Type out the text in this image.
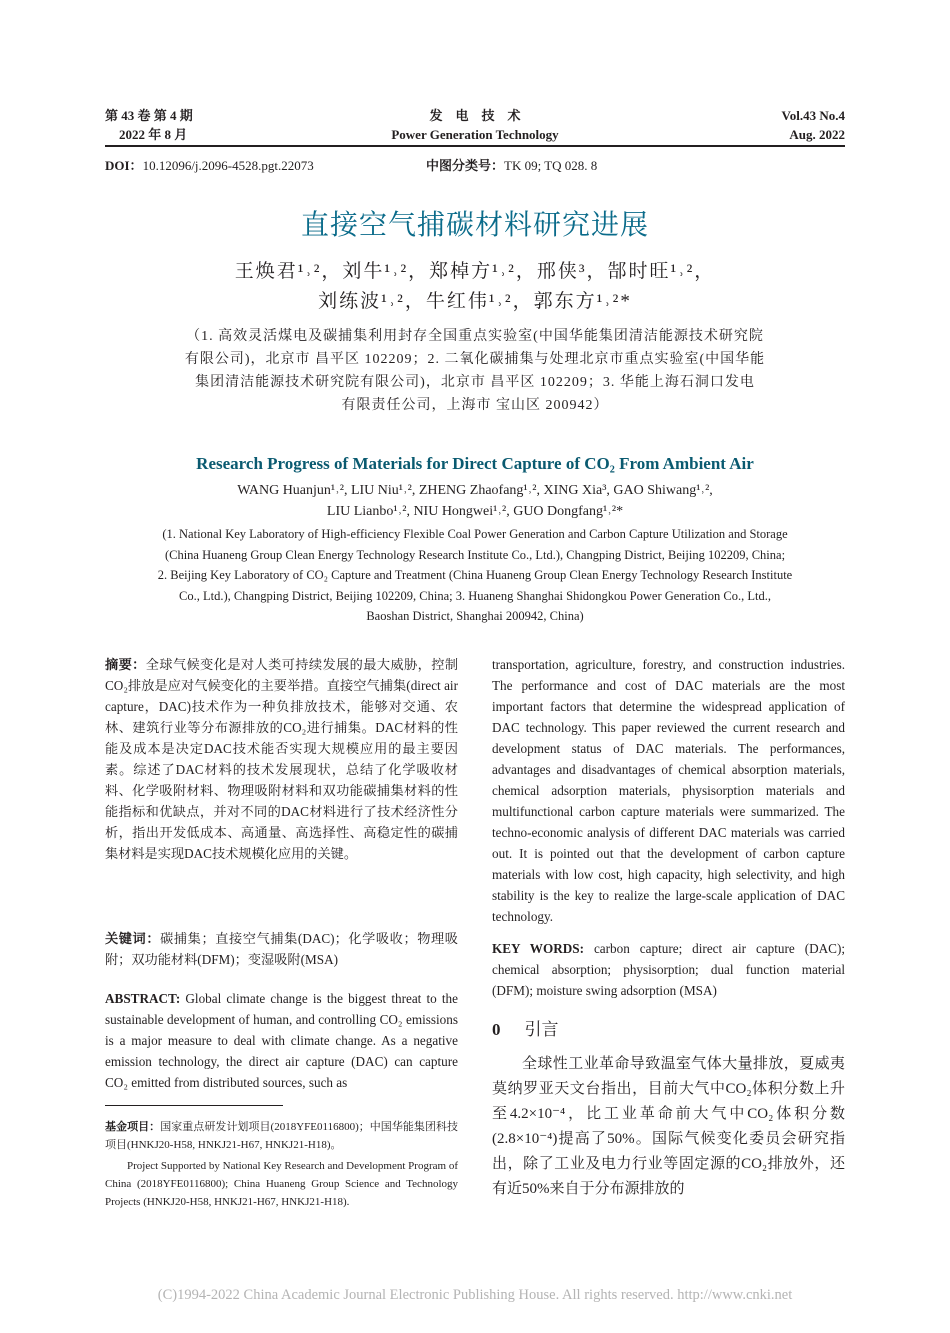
第 43 卷 第 4 期
2022 年 8 月
发　电　技　术
Power Generation Technology
Vol.43 No.4
Aug. 2022
DOI：10.12096/j.2096-4528.pgt.22073	中图分类号：TK 09; TQ 028. 8
直接空气捕碳材料研究进展
王焕君¹˒²，刘牛¹˒²，郑棹方¹˒²，邢侠³，郜时旺¹˒²，
刘练波¹˒²，牛红伟¹˒²，郭东方¹˒²*
（1. 高效灵活煤电及碳捕集利用封存全国重点实验室(中国华能集团清洁能源技术研究院
有限公司)，北京市 昌平区 102209；2. 二氧化碳捕集与处理北京市重点实验室(中国华能
集团清洁能源技术研究院有限公司)，北京市 昌平区 102209；3. 华能上海石洞口发电
有限责任公司，上海市 宝山区 200942）
Research Progress of Materials for Direct Capture of CO₂ From Ambient Air
WANG Huanjun¹˒², LIU Niu¹˒², ZHENG Zhaofang¹˒², XING Xia³, GAO Shiwang¹˒²,
LIU Lianbo¹˒², NIU Hongwei¹˒², GUO Dongfang¹˒²*
(1. National Key Laboratory of High-efficiency Flexible Coal Power Generation and Carbon Capture Utilization and Storage
(China Huaneng Group Clean Energy Technology Research Institute Co., Ltd.), Changping District, Beijing 102209, China;
2. Beijing Key Laboratory of CO₂ Capture and Treatment (China Huaneng Group Clean Energy Technology Research Institute
Co., Ltd.), Changping District, Beijing 102209, China; 3. Huaneng Shanghai Shidongkou Power Generation Co., Ltd.,
Baoshan District, Shanghai 200942, China)
摘要：全球气候变化是对人类可持续发展的最大威胁，控制CO₂排放是应对气候变化的主要举措。直接空气捕集(direct air capture，DAC)技术作为一种负排放技术，能够对交通、农林、建筑行业等分布源排放的CO₂进行捕集。DAC材料的性能及成本是决定DAC技术能否实现大规模应用的最主要因素。综述了DAC材料的技术发展现状，总结了化学吸收材料、化学吸附材料、物理吸附材料和双功能碳捕集材料的性能指标和优缺点，并对不同的DAC材料进行了技术经济性分析，指出开发低成本、高通量、高选择性、高稳定性的碳捕集材料是实现DAC技术规模化应用的关键。
关键词：碳捕集；直接空气捕集(DAC)；化学吸收；物理吸附；双功能材料(DFM)；变湿吸附(MSA)
ABSTRACT: Global climate change is the biggest threat to the sustainable development of human, and controlling CO₂ emissions is a major measure to deal with climate change. As a negative emission technology, the direct air capture (DAC) can capture CO₂ emitted from distributed sources, such as
基金项目：国家重点研发计划项目(2018YFE0116800)；中国华能集团科技项目(HNKJ20-H58, HNKJ21-H67, HNKJ21-H18)。
Project Supported by National Key Research and Development Program of China (2018YFE0116800); China Huaneng Group Science and Technology Projects (HNKJ20-H58, HNKJ21-H67, HNKJ21-H18).
transportation, agriculture, forestry, and construction industries. The performance and cost of DAC materials are the most important factors that determine the widespread application of DAC technology. This paper reviewed the current research and development status of DAC materials. The performances, advantages and disadvantages of chemical absorption materials, chemical adsorption materials, physisorption materials and multifunctional carbon capture materials were summarized. The techno-economic analysis of different DAC materials was carried out. It is pointed out that the development of carbon capture materials with low cost, high capacity, high selectivity, and high stability is the key to realize the large-scale application of DAC technology.
KEY WORDS: carbon capture; direct air capture (DAC); chemical absorption; physisorption; dual function material (DFM); moisture swing adsorption (MSA)
0 引言
全球性工业革命导致温室气体大量排放，夏威夷莫纳罗亚天文台指出，目前大气中CO₂体积分数上升至4.2×10⁻⁴，比工业革命前大气中CO₂体积分数(2.8×10⁻⁴)提高了50%。国际气候变化委员会研究指出，除了工业及电力行业等固定源的CO₂排放外，还有近50%来自于分布源排放的
(C)1994-2022 China Academic Journal Electronic Publishing House. All rights reserved. http://www.cnki.net
